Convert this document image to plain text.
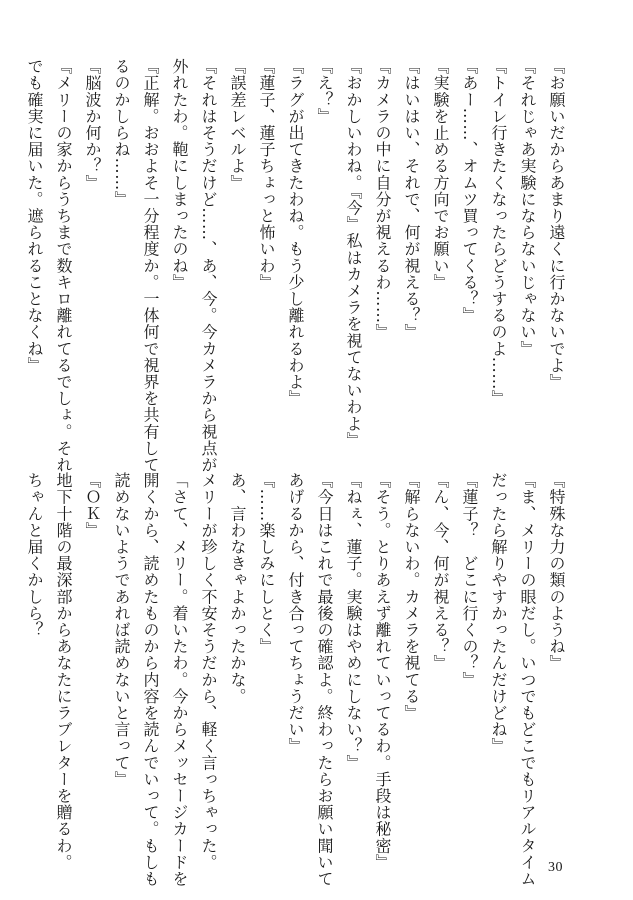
『お願いだからあまり遠くに行かないでよ』
『それじゃあ実験にならないじゃない』
『トイレ行きたくなったらどうするのよ……』
『あー……、オムツ買ってくる？』
『実験を止める方向でお願い』
『はいはい、それで、何が視える？』
『カメラの中に自分が視えるわ……』
『おかしいわね。『今』私はカメラを視てないわよ』
『え？』
『ラグが出てきたわね。もう少し離れるわよ』
『蓮子、蓮子ちょっと怖いわ』
『誤差レベルよ』
『それはそうだけど……、あ、今。今カメラから視点が
外れたわ。鞄にしまったのね』
『正解。おおよそ一分程度か。一体何で視界を共有して
るのかしらね……』
『脳波か何か？』
『メリーの家からうちまで数キロ離れてるでしょ。それ
でも確実に届いた。遮られることなくね』
『特殊な力の類のようね』
『ま、メリーの眼だし。いつでもどこでもリアルタイム
だったら解りやすかったんだけどね』
『蓮子？　どこに行くの？』
『ん、今、何が視える？』
『解らないわ。カメラを視てる』
『そう。とりあえず離れていってるわ。手段は秘密』
『ねぇ、蓮子。実験はやめにしない？』
『今日はこれで最後の確認よ。終わったらお願い聞いて
あげるから、付き合ってちょうだい』
『……楽しみにしとく』
あ、言わなきゃよかったかな。
メリーが珍しく不安そうだから、軽く言っちゃった。
「さて、メリー。着いたわ。今からメッセージカードを
開くから、読めたものから内容を読んでいって。もしも
読めないようであれば読めないと言って』
『ＯＫ』
地下十階の最深部からあなたにラブレターを贈るわ。
ちゃんと届くかしら？
30
